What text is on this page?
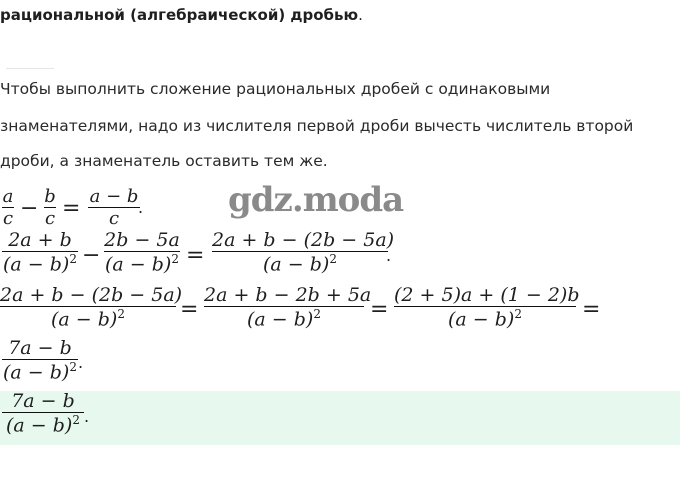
рациональной (алгебраической) дробью.
Чтобы выполнить сложение рациональных дробей с одинаковыми
знаменателями, надо из числителя первой дроби вычесть числитель второй
дроби, а знаменатель оставить тем же.
a
c − b
c = a − b
c
. gdz.moda
2a + b
$(a - b)^2$ −
2b − 5a
$(a - b)^2$ =
2a + b − (2b − 5a)
$(a - b)^2$	.
2a + b − (2b − 5a)
$(a - b)^2$	=
2a + b − 2b + 5a
$(a - b)^2$	=
(2 + 5)a + (1 − 2)b
$(a - b)^2$	=
7a − b
$(a - b)^2$ .
7a − b
$(a - b)^2$ .
